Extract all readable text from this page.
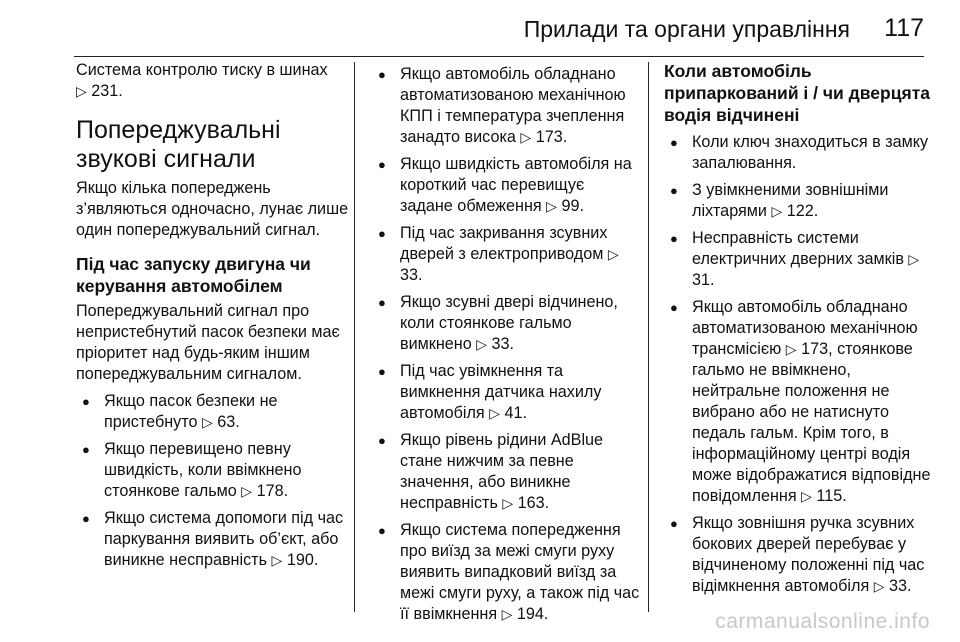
Прилади та органи управління 117

Система контролю тиску в шинах
▷ 231.

Попереджувальні звукові сигнали

Якщо кілька попереджень з’являються одночасно, лунає лише один попереджувальний сигнал.

Під час запуску двигуна чи керування автомобілем

Попереджувальний сигнал про непристебнутий пасок безпеки має пріоритет над будь-яким іншим попереджувальним сигналом.

● Якщо пасок безпеки не пристебнуто ▷ 63.
● Якщо перевищено певну швидкість, коли ввімкнено стоянкове гальмо ▷ 178.
● Якщо система допомоги під час паркування виявить об’єкт, або виникне несправність ▷ 190.
● Якщо автомобіль обладнано автоматизованою механічною КПП і температура зчеплення занадто висока ▷ 173.
● Якщо швидкість автомобіля на короткий час перевищує задане обмеження ▷ 99.
● Під час закривання зсувних дверей з електроприводом ▷ 33.
● Якщо зсувні двері відчинено, коли стоянкове гальмо вимкнено ▷ 33.
● Під час увімкнення та вимкнення датчика нахилу автомобіля ▷ 41.
● Якщо рівень рідини AdBlue стане нижчим за певне значення, або виникне несправність ▷ 163.
● Якщо система попередження про виїзд за межі смуги руху виявить випадковий виїзд за межі смуги руху, а також під час її ввімкнення ▷ 194.

Коли автомобіль припаркований і / чи дверцята водія відчинені

● Коли ключ знаходиться в замку запалювання.
● З увімкненими зовнішніми ліхтарями ▷ 122.
● Несправність системи електричних дверних замків ▷ 31.
● Якщо автомобіль обладнано автоматизованою механічною трансмісією ▷ 173, стоянкове гальмо не ввімкнено, нейтральне положення не вибрано або не натиснуто педаль гальм. Крім того, в інформаційному центрі водія може відображатися відповідне повідомлення ▷ 115.
● Якщо зовнішня ручка зсувних бокових дверей перебуває у відчиненому положенні під час відімкнення автомобіля ▷ 33.
carmanualsonline.info
